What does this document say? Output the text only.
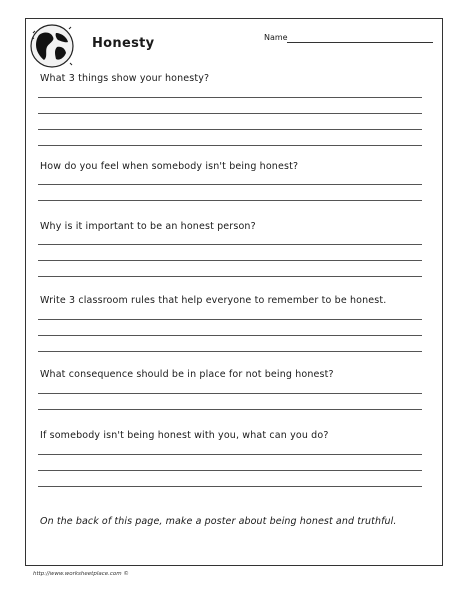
Honesty	Name
What 3 things show your honesty?
How do you feel when somebody isn't being honest?
Why is it important to be an honest person?
Write 3 classroom rules that help everyone to remember to be honest.
What consequence should be in place for not being honest?
If somebody isn't being honest with you, what can you do?
On the back of this page, make a poster about being honest and truthful.
http://www.worksheetplace.com ©
